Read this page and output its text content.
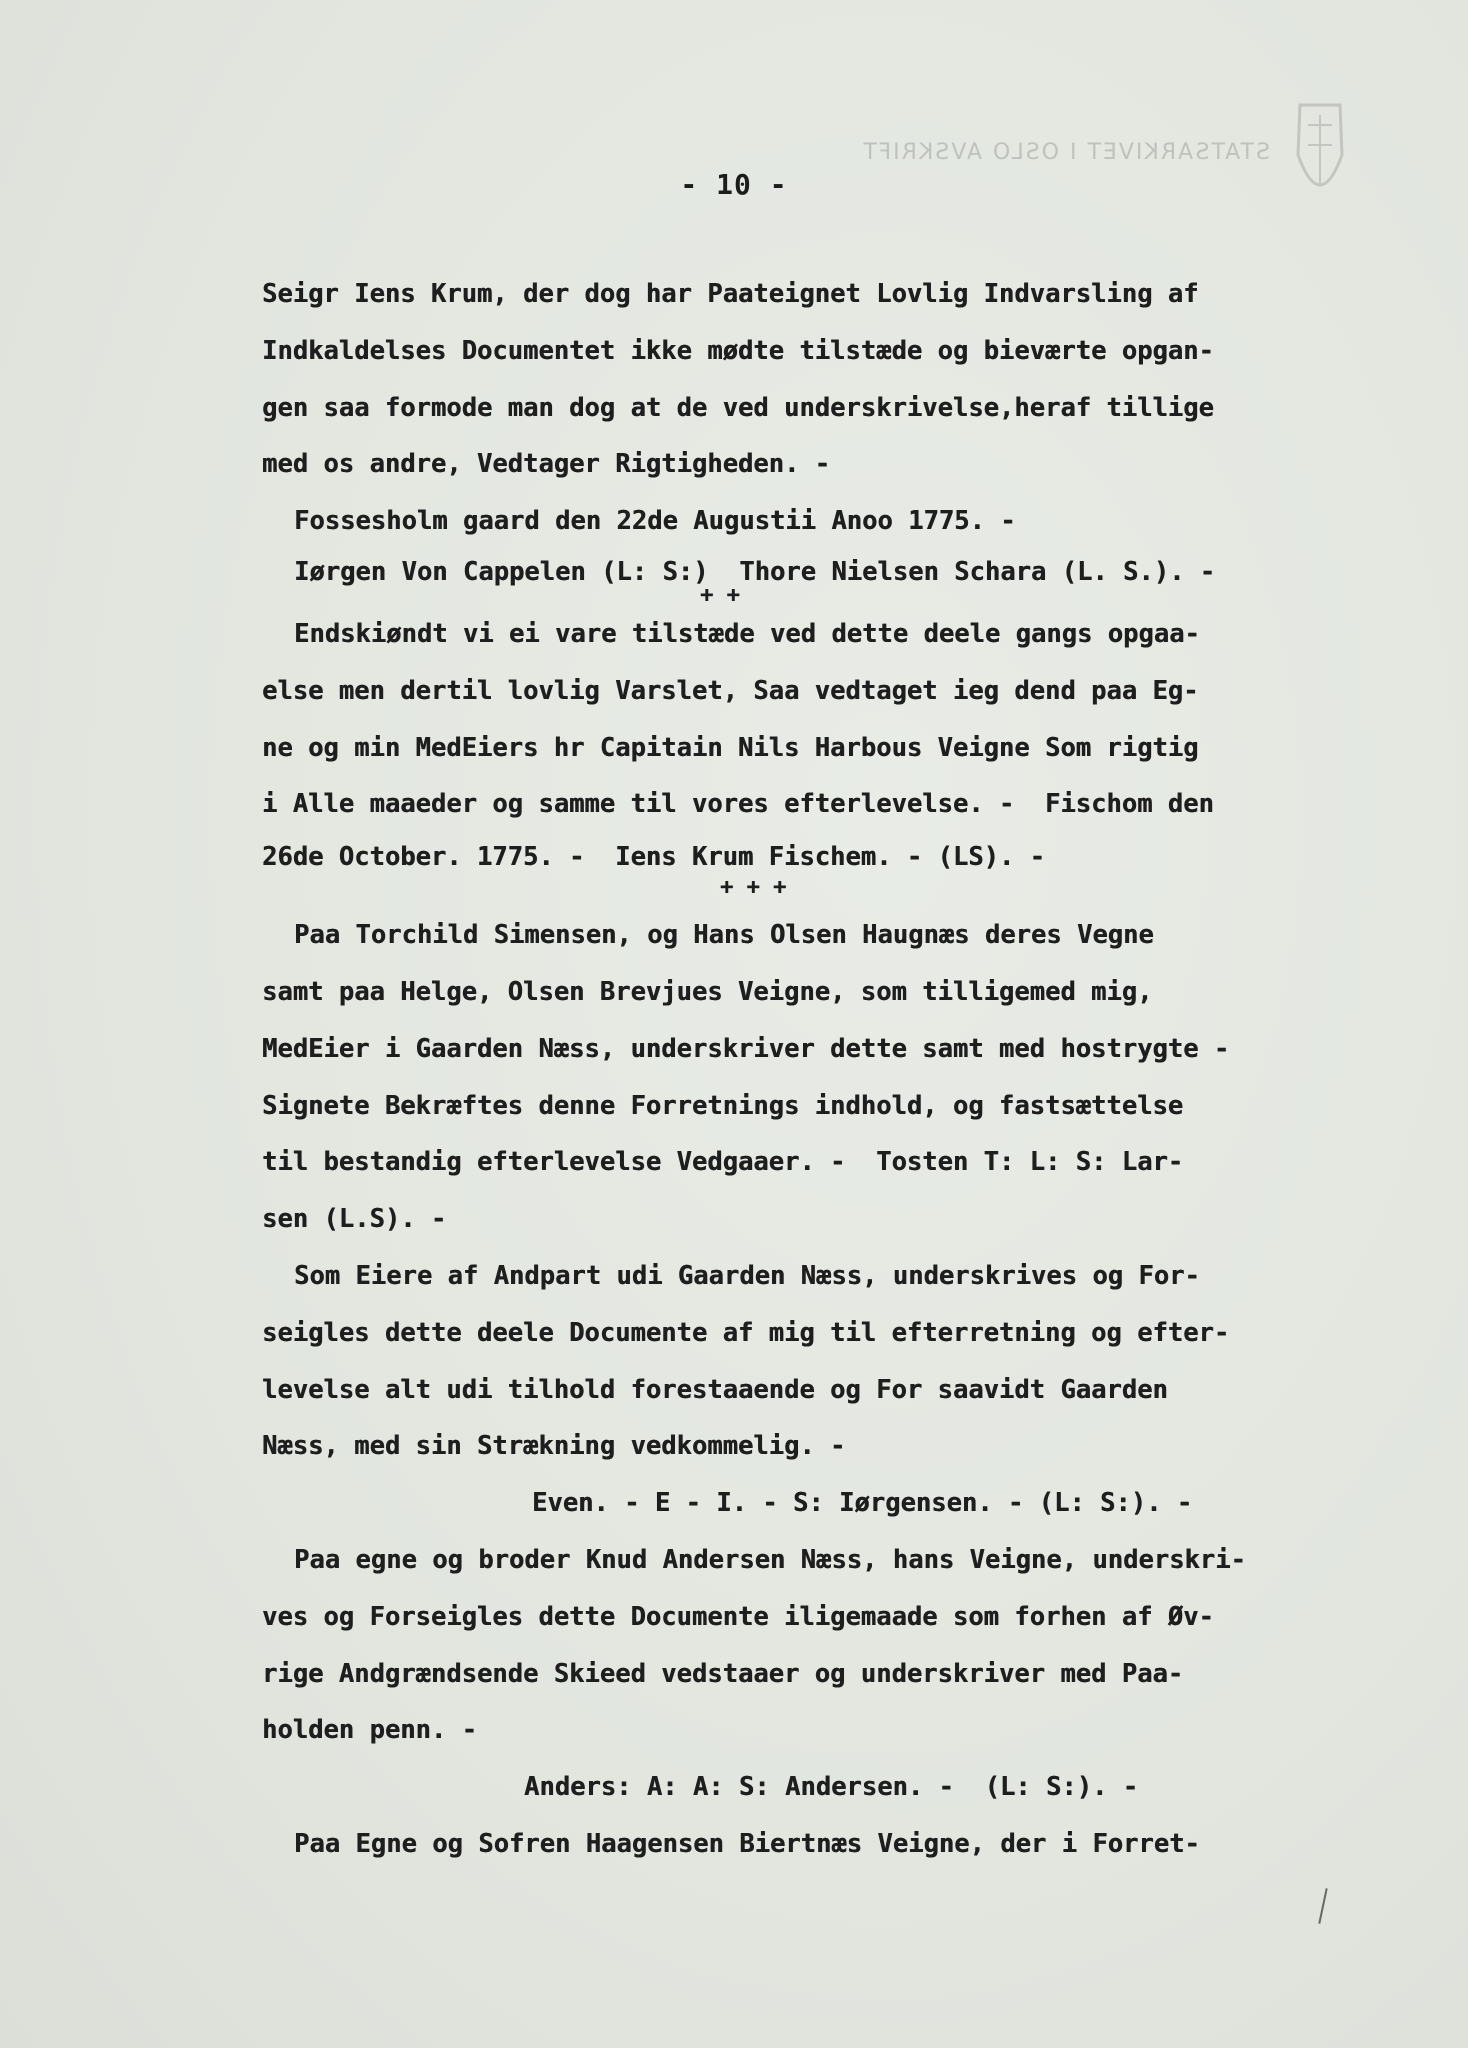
STATSARKIVET I OSLO AVSKRIFT
- 10 -
Seigr Iens Krum, der dog har Paateignet Lovlig Indvarsling af
Indkaldelses Documentet ikke mødte tilstæde og bieværte opgan-
gen saa formode man dog at de ved underskrivelse,heraf tillige
med os andre, Vedtager Rigtigheden. -
Fossesholm gaard den 22de Augustii Anoo 1775. -
Iørgen Von Cappelen (L: S:)  Thore Nielsen Schara (L. S.). -
+ +
Endskiøndt vi ei vare tilstæde ved dette deele gangs opgaa-
else men dertil lovlig Varslet, Saa vedtaget ieg dend paa Eg-
ne og min MedEiers hr Capitain Nils Harbous Veigne Som rigtig
i Alle maaeder og samme til vores efterlevelse. -  Fischom den
26de October. 1775. -  Iens Krum Fischem. - (LS). -
+ + +
Paa Torchild Simensen, og Hans Olsen Haugnæs deres Vegne
samt paa Helge, Olsen Brevjues Veigne, som tilligemed mig,
MedEier i Gaarden Næss, underskriver dette samt med hostrygte -
Signete Bekræftes denne Forretnings indhold, og fastsættelse
til bestandig efterlevelse Vedgaaer. -  Tosten T: L: S: Lar-
sen (L.S). -
Som Eiere af Andpart udi Gaarden Næss, underskrives og For-
seigles dette deele Documente af mig til efterretning og efter-
levelse alt udi tilhold forestaaende og For saavidt Gaarden
Næss, med sin Strækning vedkommelig. -
Even. - E - I. - S: Iørgensen. - (L: S:). -
Paa egne og broder Knud Andersen Næss, hans Veigne, underskri-
ves og Forseigles dette Documente iligemaade som forhen af Øv-
rige Andgrændsende Skieed vedstaaer og underskriver med Paa-
holden penn. -
Anders: A: A: S: Andersen. -  (L: S:). -
Paa Egne og Sofren Haagensen Biertnæs Veigne, der i Forret-
